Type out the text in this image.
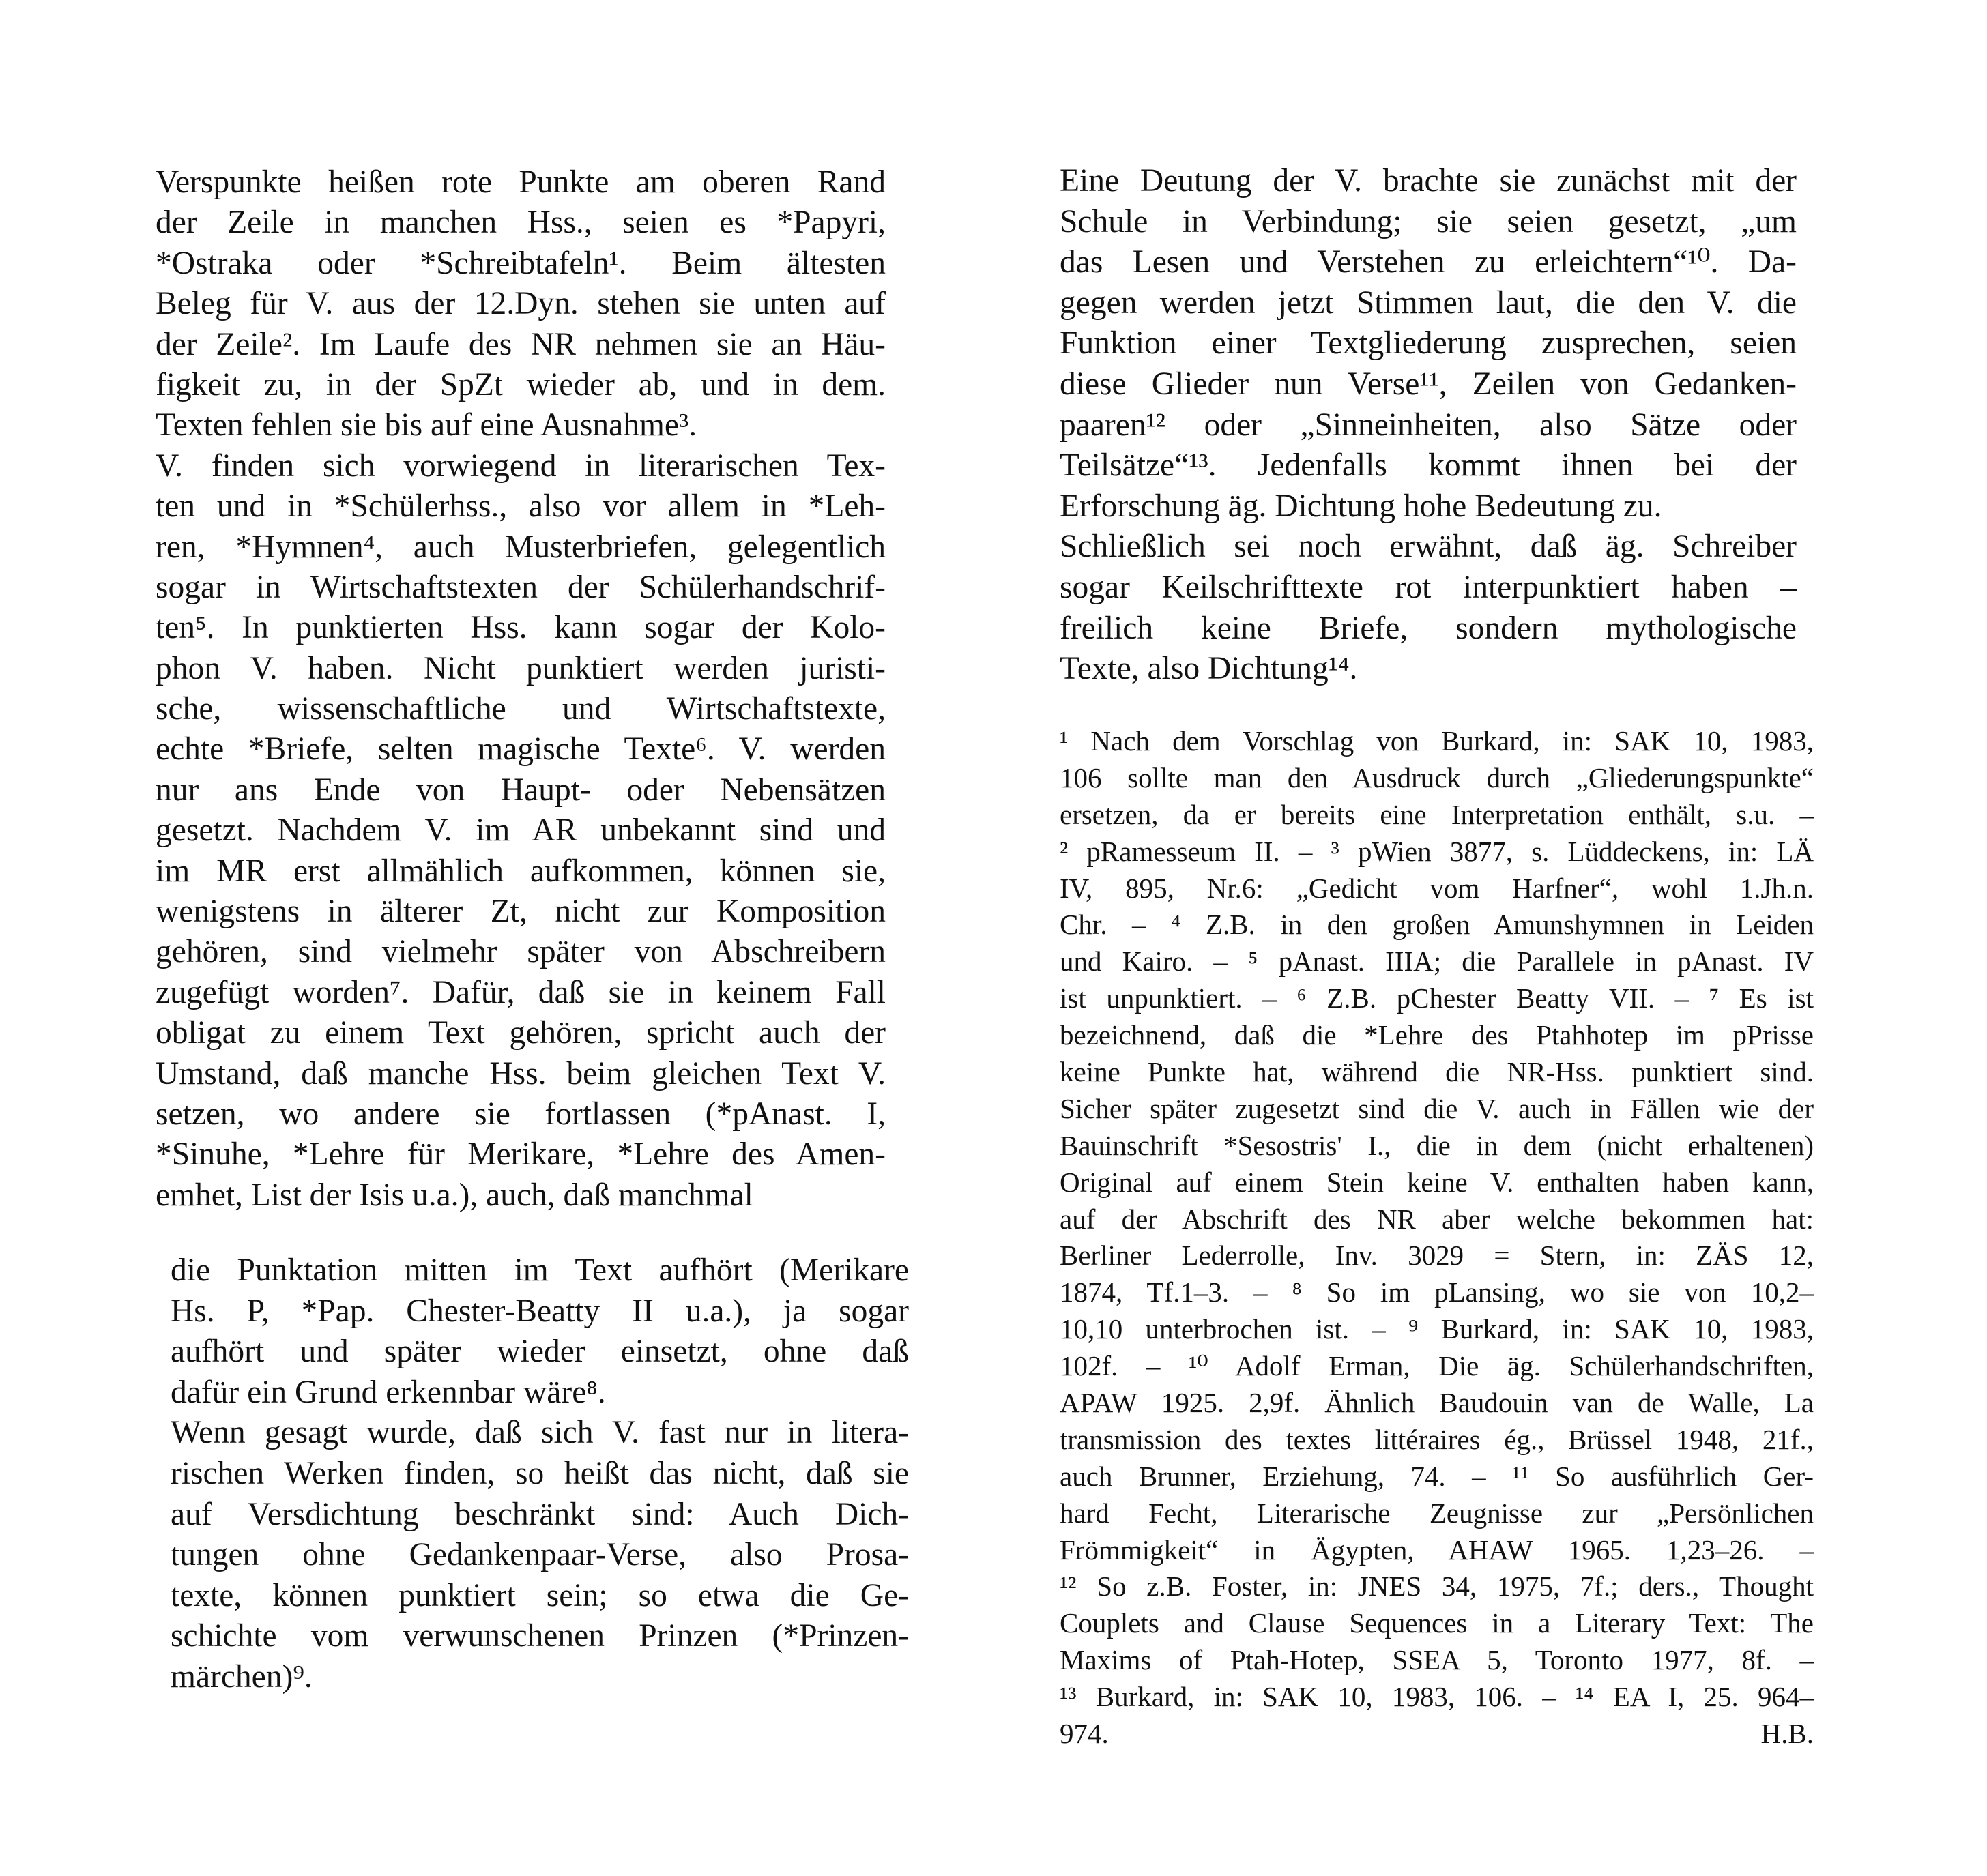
Verspunkte heißen rote Punkte am oberen Rand
der Zeile in manchen Hss., seien es *Papyri,
*Ostraka oder *Schreibtafeln¹. Beim ältesten
Beleg für V. aus der 12.Dyn. stehen sie unten auf
der Zeile². Im Laufe des NR nehmen sie an Häu-
figkeit zu, in der SpZt wieder ab, und in dem.
Texten fehlen sie bis auf eine Ausnahme³.
V. finden sich vorwiegend in literarischen Tex-
ten und in *Schülerhss., also vor allem in *Leh-
ren, *Hymnen⁴, auch Musterbriefen, gelegentlich
sogar in Wirtschaftstexten der Schülerhandschrif-
ten⁵. In punktierten Hss. kann sogar der Kolo-
phon V. haben. Nicht punktiert werden juristi-
sche, wissenschaftliche und Wirtschaftstexte,
echte *Briefe, selten magische Texte⁶. V. werden
nur ans Ende von Haupt- oder Nebensätzen
gesetzt. Nachdem V. im AR unbekannt sind und
im MR erst allmählich aufkommen, können sie,
wenigstens in älterer Zt, nicht zur Komposition
gehören, sind vielmehr später von Abschreibern
zugefügt worden⁷. Dafür, daß sie in keinem Fall
obligat zu einem Text gehören, spricht auch der
Umstand, daß manche Hss. beim gleichen Text V.
setzen, wo andere sie fortlassen (*pAnast. I,
*Sinuhe, *Lehre für Merikare, *Lehre des Amen-
emhet, List der Isis u.a.), auch, daß manchmal
die Punktation mitten im Text aufhört (Merikare
Hs. P, *Pap. Chester-Beatty II u.a.), ja sogar
aufhört und später wieder einsetzt, ohne daß
dafür ein Grund erkennbar wäre⁸.
Wenn gesagt wurde, daß sich V. fast nur in litera-
rischen Werken finden, so heißt das nicht, daß sie
auf Versdichtung beschränkt sind: Auch Dich-
tungen ohne Gedankenpaar-Verse, also Prosa-
texte, können punktiert sein; so etwa die Ge-
schichte vom verwunschenen Prinzen (*Prinzen-
märchen)⁹.
Eine Deutung der V. brachte sie zunächst mit der
Schule in Verbindung; sie seien gesetzt, „um
das Lesen und Verstehen zu erleichtern“¹⁰. Da-
gegen werden jetzt Stimmen laut, die den V. die
Funktion einer Textgliederung zusprechen, seien
diese Glieder nun Verse¹¹, Zeilen von Gedanken-
paaren¹² oder „Sinneinheiten, also Sätze oder
Teilsätze“¹³. Jedenfalls kommt ihnen bei der
Erforschung äg. Dichtung hohe Bedeutung zu.
Schließlich sei noch erwähnt, daß äg. Schreiber
sogar Keilschrifttexte rot interpunktiert haben –
freilich keine Briefe, sondern mythologische
Texte, also Dichtung¹⁴.
¹ Nach dem Vorschlag von Burkard, in: SAK 10, 1983,
106 sollte man den Ausdruck durch „Gliederungspunkte“
ersetzen, da er bereits eine Interpretation enthält, s.u. –
² pRamesseum II. – ³ pWien 3877, s. Lüddeckens, in: LÄ
IV, 895, Nr.6: „Gedicht vom Harfner“, wohl 1.Jh.n.
Chr. – ⁴ Z.B. in den großen Amunshymnen in Leiden
und Kairo. – ⁵ pAnast. IIIA; die Parallele in pAnast. IV
ist unpunktiert. – ⁶ Z.B. pChester Beatty VII. – ⁷ Es ist
bezeichnend, daß die *Lehre des Ptahhotep im pPrisse
keine Punkte hat, während die NR-Hss. punktiert sind.
Sicher später zugesetzt sind die V. auch in Fällen wie der
Bauinschrift *Sesostris' I., die in dem (nicht erhaltenen)
Original auf einem Stein keine V. enthalten haben kann,
auf der Abschrift des NR aber welche bekommen hat:
Berliner Lederrolle, Inv. 3029 = Stern, in: ZÄS 12,
1874, Tf.1–3. – ⁸ So im pLansing, wo sie von 10,2–
10,10 unterbrochen ist. – ⁹ Burkard, in: SAK 10, 1983,
102f. – ¹⁰ Adolf Erman, Die äg. Schülerhandschriften,
APAW 1925. 2,9f. Ähnlich Baudouin van de Walle, La
transmission des textes littéraires ég., Brüssel 1948, 21f.,
auch Brunner, Erziehung, 74. – ¹¹ So ausführlich Ger-
hard Fecht, Literarische Zeugnisse zur „Persönlichen
Frömmigkeit“ in Ägypten, AHAW 1965. 1,23–26. –
¹² So z.B. Foster, in: JNES 34, 1975, 7f.; ders., Thought
Couplets and Clause Sequences in a Literary Text: The
Maxims of Ptah-Hotep, SSEA 5, Toronto 1977, 8f. –
¹³ Burkard, in: SAK 10, 1983, 106. – ¹⁴ EA I, 25. 964–
974.	H.B.
